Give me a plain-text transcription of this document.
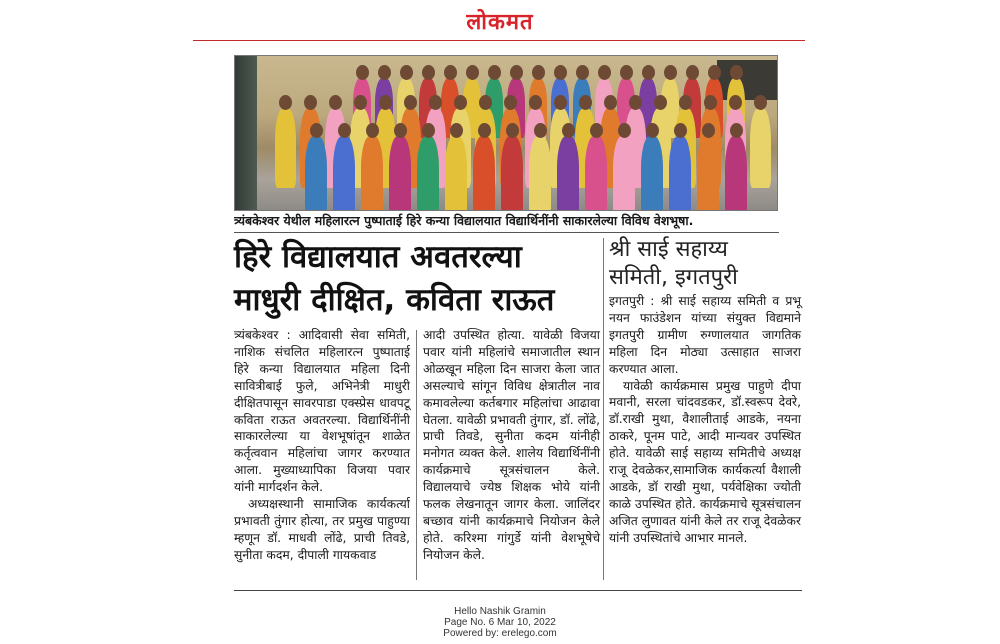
लोकमत
त्र्यंबकेश्वर येथील महिलारत्न पुष्पाताई हिरे कन्या विद्यालयात विद्यार्थिनींनी साकारलेल्या विविध वेशभूषा.
हिरे विद्यालयात अवतरल्या
माधुरी दीक्षित, कविता राऊत
श्री साई सहाय्य
समिती, इगतपुरी

त्र्यंबकेश्वर : आदिवासी सेवा समिती, नाशिक संचलित महिलारत्न पुष्पाताई हिरे कन्या विद्यालयात महिला दिनी सावित्रीबाई फुले, अभिनेत्री माधुरी दीक्षितपासून सावरपाडा एक्स्प्रेस धावपटू कविता राऊत अवतरल्या. विद्यार्थिनींनी साकारलेल्या या वेशभूषांतून शाळेत कर्तृत्ववान महिलांचा जागर करण्यात आला. मुख्याध्यापिका विजया पवार यांनी मार्गदर्शन केले.

अध्यक्षस्थानी सामाजिक कार्यकर्त्या प्रभावती तुंगार होत्या, तर प्रमुख पाहुण्या म्हणून डॉ. माधवी लोंढे, प्राची तिवडे, सुनीता कदम, दीपाली गायकवाड

आदी उपस्थित होत्या. यावेळी विजया पवार यांनी महिलांचे समाजातील स्थान ओळखून महिला दिन साजरा केला जात असल्याचे सांगून विविध क्षेत्रातील नाव कमावलेल्या कर्तबगार महिलांचा आढावा घेतला. यावेळी प्रभावती तुंगार, डॉ. लोंढे, प्राची तिवडे, सुनीता कदम यांनीही मनोगत व्यक्त केले. शालेय विद्यार्थिनींनी कार्यक्रमाचे सूत्रसंचालन केले. विद्यालयाचे ज्येष्ठ शिक्षक भोये यांनी फलक लेखनातून जागर केला. जालिंदर बच्छाव यांनी कार्यक्रमाचे नियोजन केले होते. करिश्मा गांगुर्डे यांनी वेशभूषेचे नियोजन केले.

इगतपुरी : श्री साई सहाय्य समिती व प्रभू नयन फाउंडेशन यांच्या संयुक्त विद्यमाने इगतपुरी ग्रामीण रुग्णालयात जागतिक महिला दिन मोठ्या उत्साहात साजरा करण्यात आला.

यावेळी कार्यक्रमास प्रमुख पाहुणे दीपा मवानी, सरला चांदवडकर, डॉ.स्वरूप देवरे, डॉ.राखी मुथा, वैशालीताई आडके, नयना ठाकरे, पूनम पाटे, आदी मान्यवर उपस्थित होते. यावेळी साई सहाय्य समितीचे अध्यक्ष राजू देवळेकर,सामाजिक कार्यकर्त्या वैशाली आडके, डॉ राखी मुथा, पर्यवेक्षिका ज्योती काळे उपस्थित होते. कार्यक्रमाचे सूत्रसंचालन अजित लुणावत यांनी केले तर राजू देवळेकर यांनी उपस्थितांचे आभार मानले.

Hello Nashik Gramin
Page No. 6 Mar 10, 2022
Powered by: erelego.com
